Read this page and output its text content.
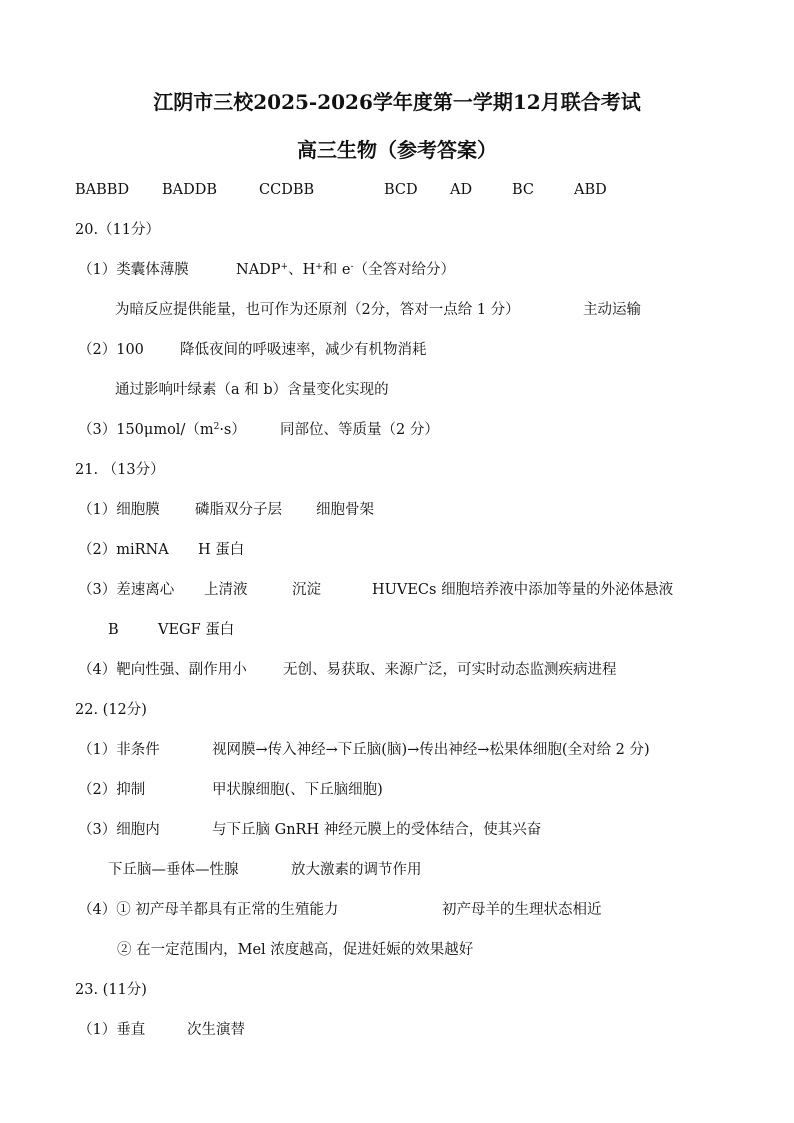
江阴市三校2025-2026学年度第一学期12月联合考试
高三生物（参考答案）
BABBD BADDB	CCDBB	BCD AD	BC	ABD
20.（11分）
（1）类囊体薄膜	NADP+、H+和 e-（全答对给分）
为暗反应提供能量，也可作为还原剂（2分，答对一点给 1 分）	主动运输
（2）100 降低夜间的呼吸速率，减少有机物消耗
通过影响叶绿素（a 和 b）含量变化实现的
$(3)150\mu mol/(m^2\cdot s)$ 同部位、等质量（2 分）
21. （13分）
（1）细胞膜 磷脂双分子层 细胞骨架
（2）miRNA H 蛋白
（3）差速离心 上清液	沉淀	HUVECs 细胞培养液中添加等量的外泌体悬液
B	VEGF 蛋白
（4）靶向性强、副作用小	无创、易获取、来源广泛，可实时动态监测疾病进程
22. (12分)
（1）非条件	视网膜→传入神经→下丘脑(脑)→传出神经→松果体细胞(全对给 2 分)
（2）抑制	甲状腺细胞(、下丘脑细胞)
（3）细胞内	与下丘脑 GnRH 神经元膜上的受体结合，使其兴奋
下丘脑—垂体—性腺	放大激素的调节作用
（4）① 初产母羊都具有正常的生殖能力	初产母羊的生理状态相近
② 在一定范围内，Mel 浓度越高，促进妊娠的效果越好
23. (11分)
（1）垂直	次生演替
